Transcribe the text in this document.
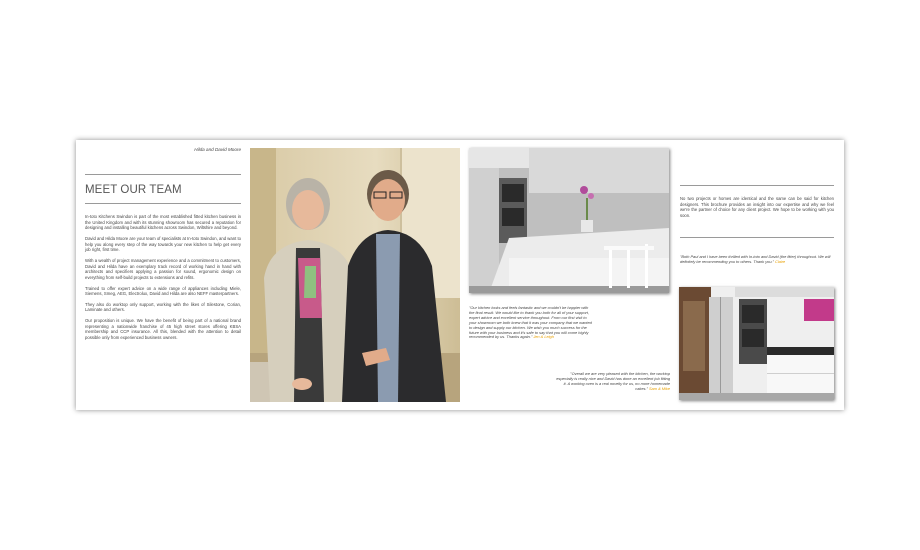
Hilda and David Moore
MEET OUR TEAM

In-toto Kitchens Swindon is part of the most established fitted kitchen business in the United Kingdom and with its stunning showroom has secured a reputation for designing and installing beautiful kitchens across Swindon, Wiltshire and beyond.

David and Hilda Moore are your team of specialists at In-toto Swindon, and want to help you along every step of the way towards your new kitchen to help get every job right, first time.

With a wealth of project management experience and a commitment to customers, David and Hilda have an exemplary track record of working hand in hand with architects and specifiers applying a passion for sound, ergonomic design on everything from self-build projects to extensions and refits.

Trained to offer expert advice on a wide range of appliances including Miele, Siemens, Smeg, AEG, Electrolux, David and Hilda are also NEFF masterpartners.

They also do worktop only support, working with the likes of Silestone, Corian, Laminate and others.

Our proposition is unique. We have the benefit of being part of a national brand representing a nationwide franchise of 45 high street stores offering KBSA membership and CCP insurance. All this, blended with the attention to detail possible only from experienced business owners.

"Our kitchen looks and feels fantastic and we couldn't be happier with the final result. We would like to thank you both for all of your support, expert advice and excellent service throughout. From our first visit to your showroom we both knew that it was your company that we wanted to design and supply our kitchen. We wish you much success for the future with your business and it's safe to say that you will come highly recommended by us. Thanks again." Jen & Leigh
"Overall we are very pleased with the kitchen, the worktop especially is really nice and David has done an excellent job fitting it. A working oven is a real novelty for us, no more homemade cakes." Sam & Mike
No two projects or homes are identical and the same can be said for kitchen designers. This brochure provides an insight into our expertise and why we feel we're the partner of choice for any client project. We hope to be working with you soon.
"Both Paul and I have been thrilled with In-toto and David (the fitter) throughout. We will definitely be recommending you to others. Thank you." Claire
